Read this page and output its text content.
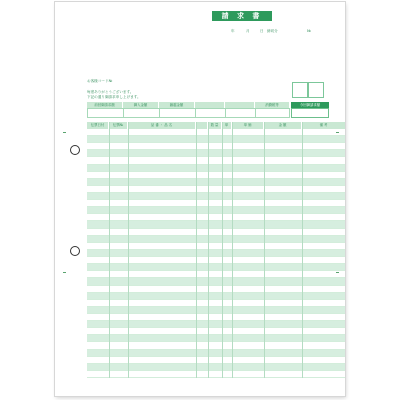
請 求 書
年	月	日 締切分	№
お客様コード№
毎度ありがとうございます。
下記の通り御請求申し上げます。
前回御請求額	御入金額	繰越金額	消費税等	今回御請求額
伝票日付	伝票№	品 番 ・ 品 名	数 量	単	単 価	金 額	備 考
